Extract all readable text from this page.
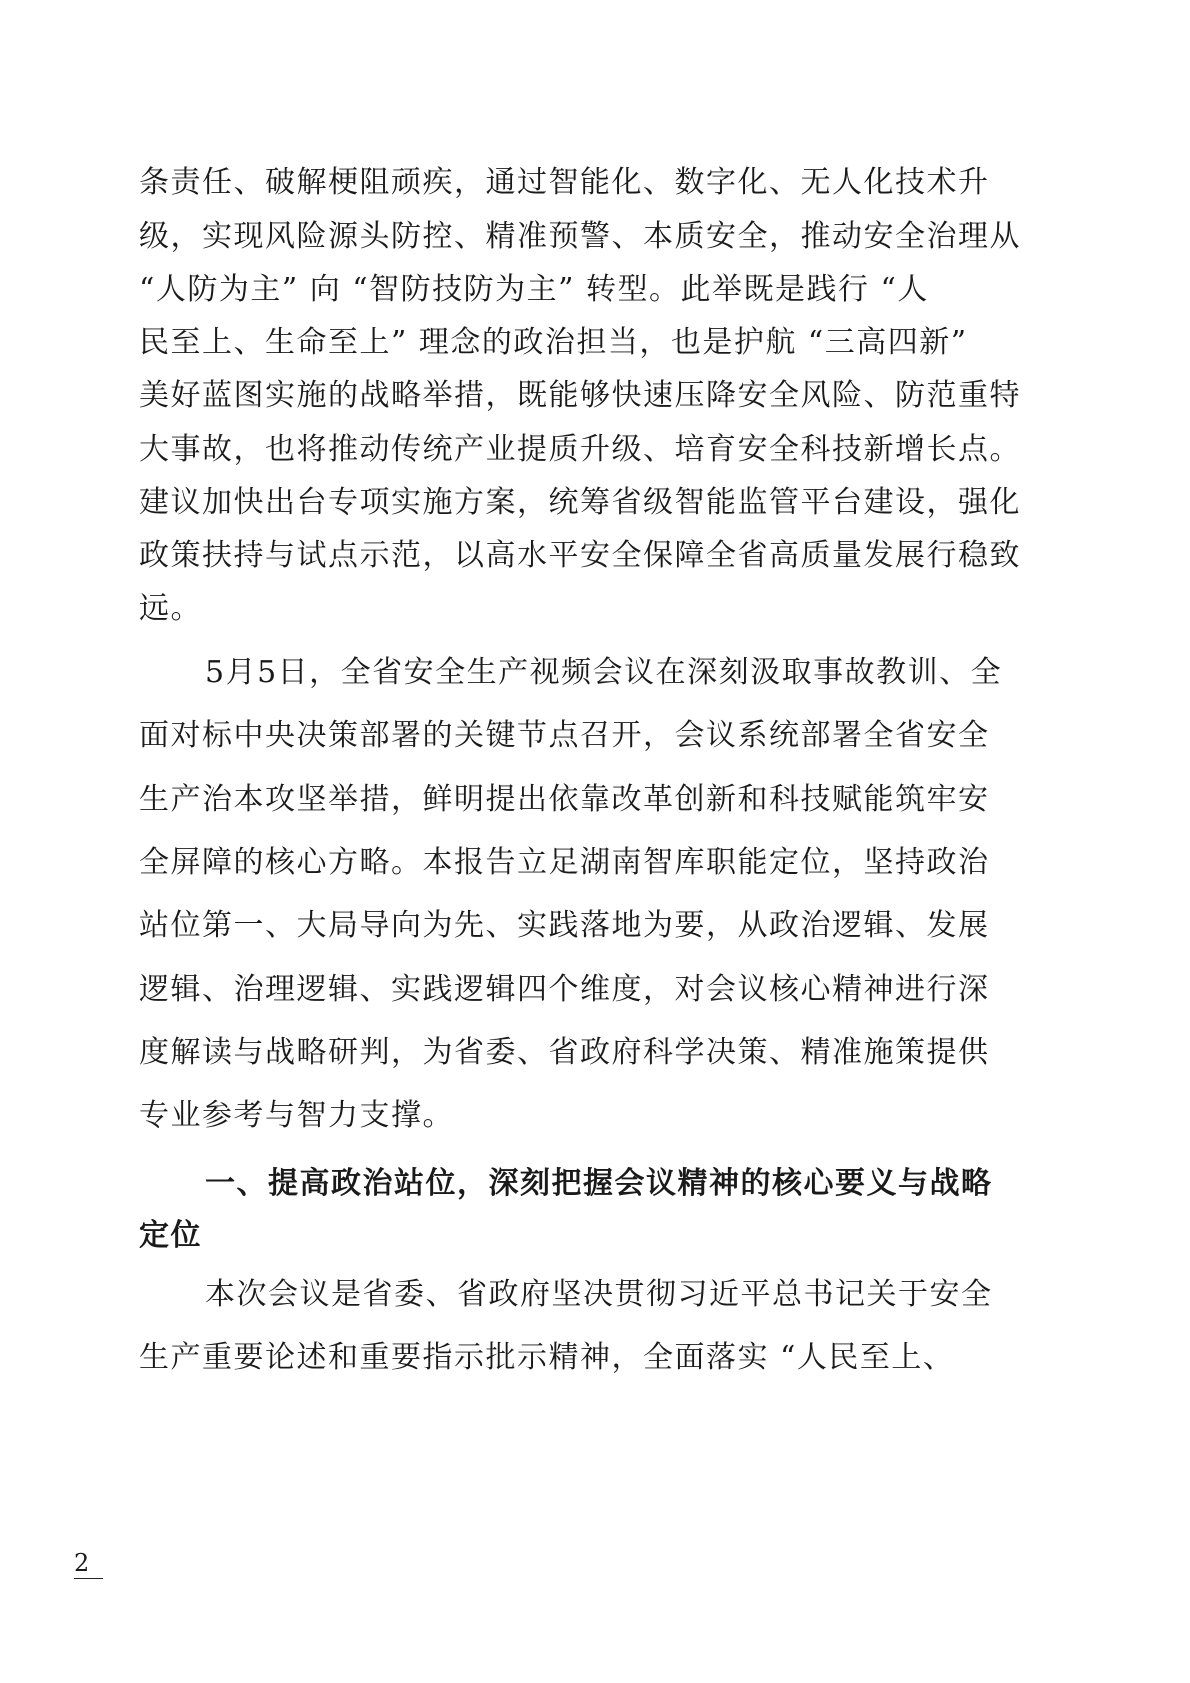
条责任、破解梗阻顽疾，通过智能化、数字化、无人化技术升
级，实现风险源头防控、精准预警、本质安全，推动安全治理从
“人防为主” 向 “智防技防为主” 转型。此举既是践行 “人
民至上、生命至上” 理念的政治担当，也是护航 “三高四新”
美好蓝图实施的战略举措，既能够快速压降安全风险、防范重特
大事故，也将推动传统产业提质升级、培育安全科技新增长点。
建议加快出台专项实施方案，统筹省级智能监管平台建设，强化
政策扶持与试点示范，以高水平安全保障全省高质量发展行稳致
远。
5月5日，全省安全生产视频会议在深刻汲取事故教训、全
面对标中央决策部署的关键节点召开，会议系统部署全省安全
生产治本攻坚举措，鲜明提出依靠改革创新和科技赋能筑牢安
全屏障的核心方略。本报告立足湖南智库职能定位，坚持政治
站位第一、大局导向为先、实践落地为要，从政治逻辑、发展
逻辑、治理逻辑、实践逻辑四个维度，对会议核心精神进行深
度解读与战略研判，为省委、省政府科学决策、精准施策提供
专业参考与智力支撑。
一、提高政治站位，深刻把握会议精神的核心要义与战略
定位
本次会议是省委、省政府坚决贯彻习近平总书记关于安全
生产重要论述和重要指示批示精神，全面落实 “人民至上、
2
